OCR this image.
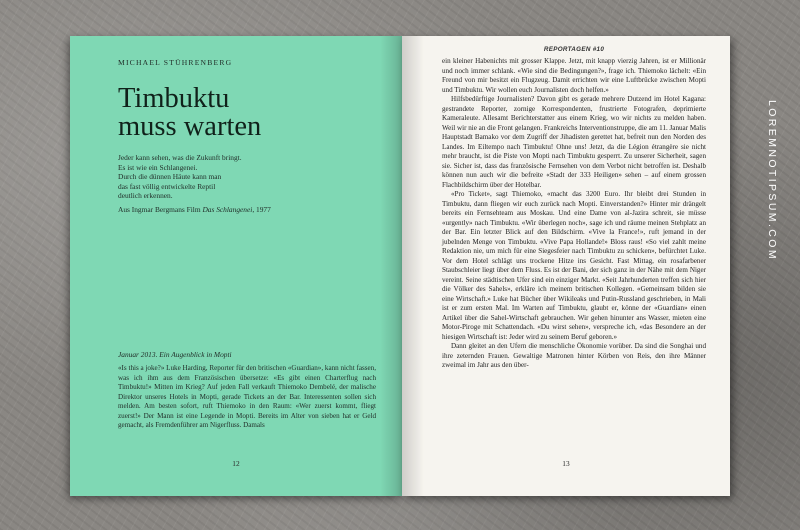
MICHAEL STÜHRENBERG
Timbuktu
muss warten
Jeder kann sehen, was die Zukunft bringt.
Es ist wie ein Schlangenei.
Durch die dünnen Häute kann man
das fast völlig entwickelte Reptil
deutlich erkennen.
Aus Ingmar Bergmans Film Das Schlangenei, 1977
Januar 2013. Ein Augenblick in Mopti
«Is this a joke?» Luke Harding, Reporter für den britischen «Guardian», kann nicht fassen, was ich ihm aus dem Französischen übersetze: «Es gibt einen Charterflug nach Timbuktu!» Mitten im Krieg? Auf jeden Fall verkauft Thiemoko Dembelé, der malische Direktor unseres Hotels in Mopti, gerade Tickets an der Bar. Interessenten sollen sich melden. Am besten sofort, ruft Thiemoko in den Raum: «Wer zuerst kommt, fliegt zuerst!» Der Mann ist eine Legende in Mopti. Bereits im Alter von sieben hat er Geld gemacht, als Fremdenführer am Nigerfluss. Damals
12
REPORTAGEN #10

ein kleiner Habenichts mit grosser Klappe. Jetzt, mit knapp vierzig Jahren, ist er Millionär und noch immer schlank. «Wie sind die Bedingungen?», frage ich. Thiemoko lächelt: «Ein Freund von mir besitzt ein Flugzeug. Damit errichten wir eine Luftbrücke zwischen Mopti und Timbuktu. Wir wollen euch Journalisten doch helfen.»

Hilfsbedürftige Journalisten? Davon gibt es gerade mehrere Dutzend im Hotel Kagana: gestrandete Reporter, zornige Korrespondenten, frustrierte Fotografen, deprimierte Kameraleute. Allesamt Berichterstatter aus einem Krieg, wo wir nichts zu melden haben. Weil wir nie an die Front gelangen. Frankreichs Interventionstruppe, die am 11. Januar Malis Hauptstadt Bamako vor dem Zugriff der Jihadisten gerettet hat, befreit nun den Norden des Landes. Im Eiltempo nach Timbuktu! Ohne uns! Jetzt, da die Légion étrangère sie nicht mehr braucht, ist die Piste von Mopti nach Timbuktu gesperrt. Zu unserer Sicherheit, sagen sie. Sicher ist, dass das französische Fernsehen von dem Verbot nicht betroffen ist. Deshalb können nun auch wir die befreite «Stadt der 333 Heiligen» sehen – auf einem grossen Flachbildschirm über der Hotelbar.

«Pro Ticket», sagt Thiemoko, «macht das 3200 Euro. Ihr bleibt drei Stunden in Timbuktu, dann fliegen wir euch zurück nach Mopti. Einverstanden?» Hinter mir drängelt bereits ein Fernsehteam aus Moskau. Und eine Dame von al-Jazira schreit, sie müsse «urgently» nach Timbuktu. «Wir überlegen noch», sage ich und räume meinen Stehplatz an der Bar. Ein letzter Blick auf den Bildschirm. «Vive la France!», ruft jemand in der jubelnden Menge von Timbuktu. «Vive Papa Hollande!» Bloss raus! «So viel zahlt meine Redaktion nie, um mich für eine Siegesfeier nach Timbuktu zu schicken», befürchtet Luke. Vor dem Hotel schlägt uns trockene Hitze ins Gesicht. Fast Mittag, ein rosafarbener Staubschleier liegt über dem Fluss. Es ist der Bani, der sich ganz in der Nähe mit dem Niger vereint. Seine städtischen Ufer sind ein einziger Markt. «Seit Jahrhunderten treffen sich hier die Völker des Sahels», erkläre ich meinem britischen Kollegen. «Gemeinsam bilden sie eine Wirtschaft.» Luke hat Bücher über Wikileaks und Putin-Russland geschrieben, in Mali ist er zum ersten Mal. Im Warten auf Timbuktu, glaubt er, könne der «Guardian» einen Artikel über die Sahel-Wirtschaft gebrauchen. Wir gehen hinunter ans Wasser, mieten eine Motor-Piroge mit Schattendach. «Du wirst sehen», verspreche ich, «das Besondere an der hiesigen Wirtschaft ist: Jeder wird zu seinem Beruf geboren.»

Dann gleitet an den Ufern die menschliche Ökonomie vorüber. Da sind die Songhai und ihre zeternden Frauen. Gewaltige Matronen hinter Körben von Reis, den ihre Männer zweimal im Jahr aus den über-

13
LOREMNOTIPSUM.COM
